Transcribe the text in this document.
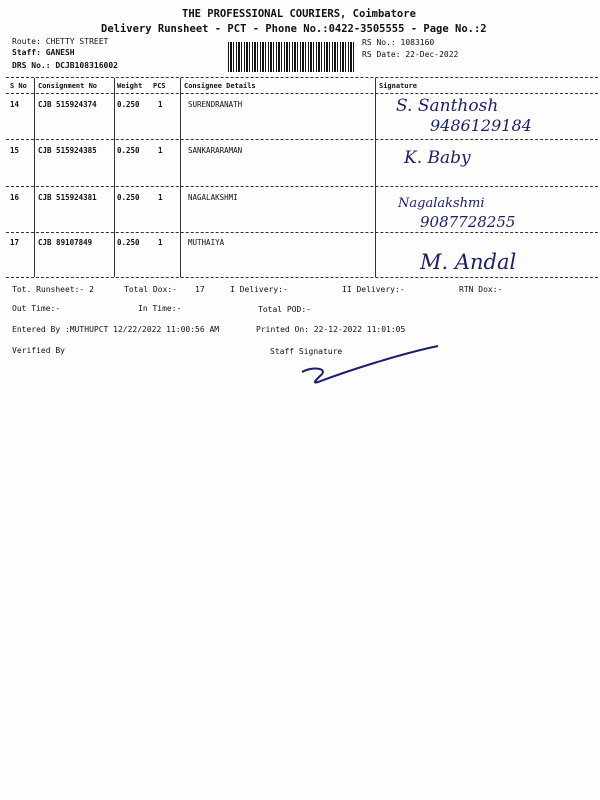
THE PROFESSIONAL COURIERS, Coimbatore
Delivery Runsheet - PCT - Phone No.:0422-3505555 - Page No.:2
Route: CHETTY STREET
Staff: GANESH
DRS No.: DCJB108316002
RS No.: 1083160
RS Date: 22-Dec-2022
S No Consignment No	Weight PCS	Consignee Details	Signature
14	CJB 515924374	0.250 1	SURENDRANATH	S. Santhosh
9486129184
15	CJB 515924385	0.250 1	SANKARARAMAN	K. Baby
16	CJB 515924381	0.250 1	NAGALAKSHMI	Nagalakshmi
9087728255
17	CJB 89107849	0.250 1	MUTHAIYA
M. Andal
Tot. Runsheet:- 2	Total Dox:- 17	I Delivery:-	II Delivery:-	RTN Dox:-
Out Time:-	In Time:-	Total POD:-
Entered By :MUTHUPCT 12/22/2022 11:00:56 AM	Printed On: 22-12-2022 11:01:05
Verified By	Staff Signature
